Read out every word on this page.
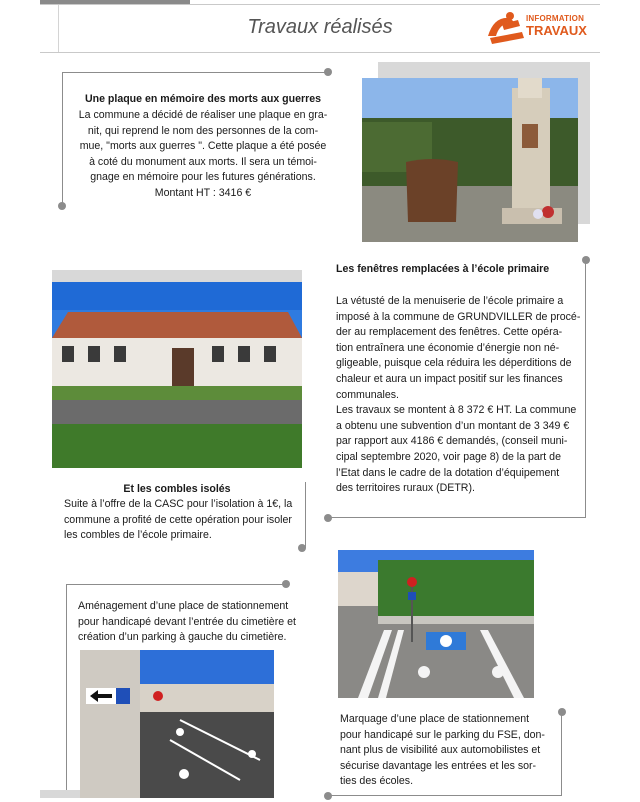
Travaux réalisés	INFORMATION
TRAVAUX
Une plaque en mémoire des morts aux guerres
La commune a décidé de réaliser une plaque en gra-
nit, qui reprend le nom des personnes de la com-
mue, "morts aux guerres ". Cette plaque a été posée
à coté du monument aux morts. Il sera un témoi-
gnage en mémoire pour les futures générations.
Montant HT : 3416 €
Les fenêtres remplacées à l’école primaire
La vétusté de la menuiserie de l’école primaire a
imposé à la commune de GRUNDVILLER de procé-
der au remplacement des fenêtres. Cette opéra-
tion entraînera une économie d’énergie non né-
gligeable, puisque cela réduira les déperditions de
chaleur et aura un impact positif sur les finances
communales.
Les travaux se montent à 8 372 € HT. La commune
a obtenu une subvention d’un montant de 3 349 €
par rapport aux 4186 € demandés, (conseil muni-
cipal septembre 2020, voir page 8) de la part de
l’Etat dans le cadre de la dotation d’équipement
des territoires ruraux (DETR).
Et les combles isolés
Suite à l’offre de la CASC pour l’isolation à 1€, la
commune a profité de cette opération pour isoler
les combles de l’école primaire.
Aménagement d’une place de stationnement
pour handicapé devant l’entrée du cimetière et
création d’un parking à gauche du cimetière.
Marquage d’une place de stationnement
pour handicapé sur le parking du FSE, don-
nant plus de visibilité aux automobilistes et
sécurise davantage les entrées et les sor-
ties des écoles.
